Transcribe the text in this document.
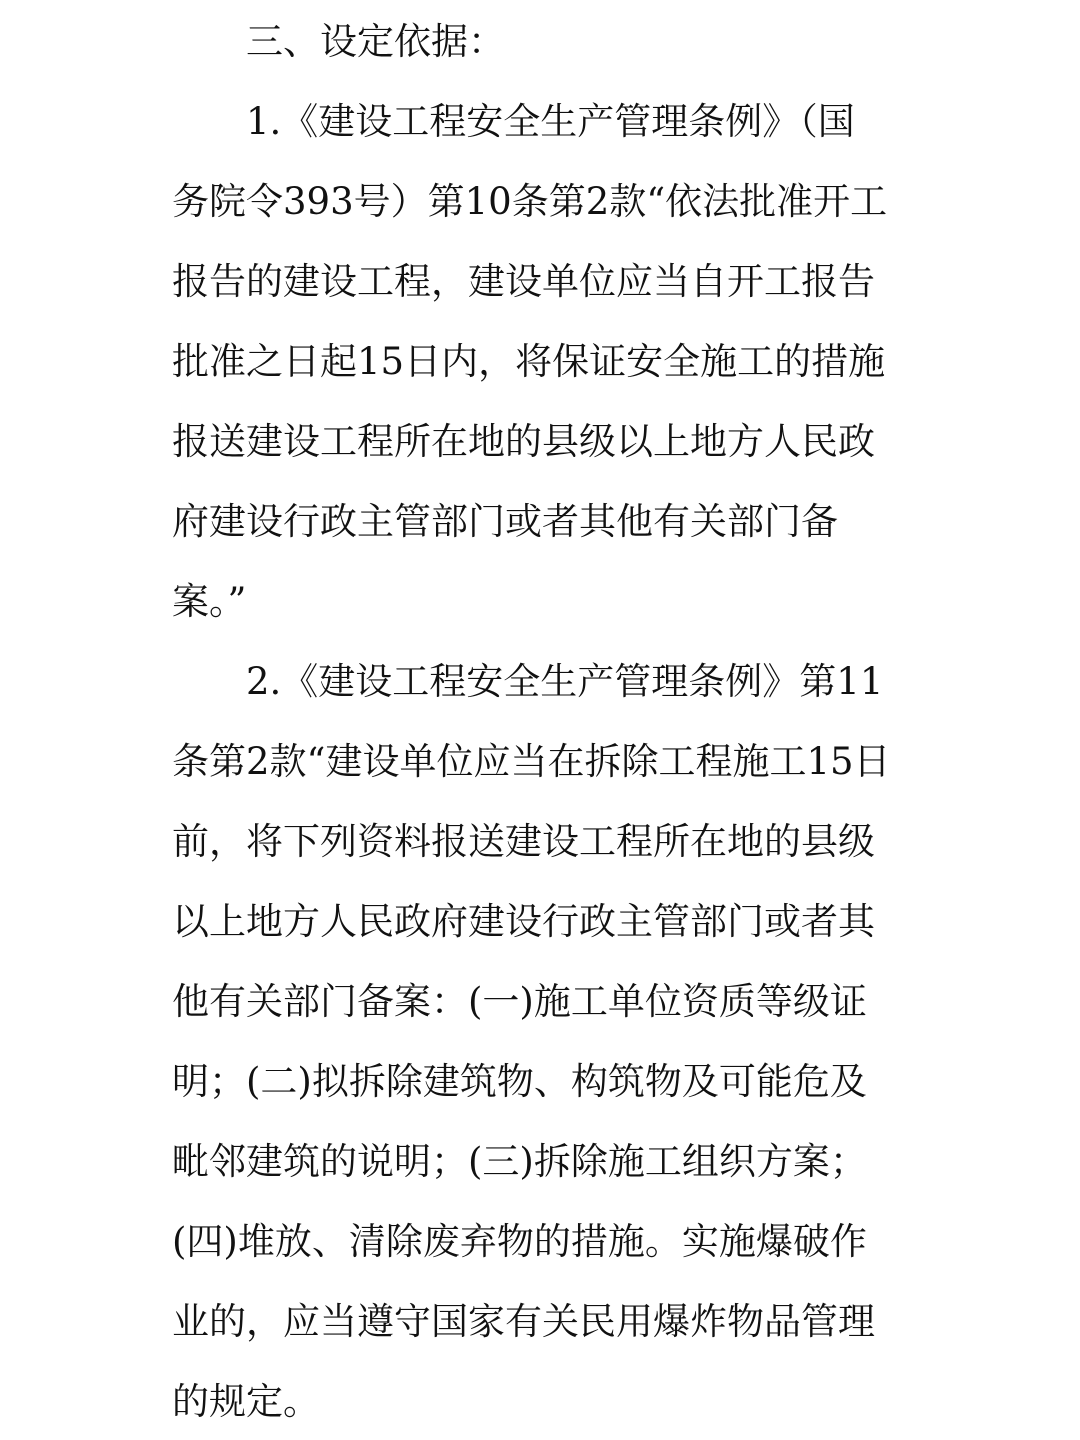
三、设定依据：
1.《建设工程安全生产管理条例》（国
务院令393号）第10条第2款“依法批准开工
报告的建设工程，建设单位应当自开工报告
批准之日起15日内，将保证安全施工的措施
报送建设工程所在地的县级以上地方人民政
府建设行政主管部门或者其他有关部门备
案。”
2.《建设工程安全生产管理条例》第11
条第2款“建设单位应当在拆除工程施工15日
前，将下列资料报送建设工程所在地的县级
以上地方人民政府建设行政主管部门或者其
他有关部门备案：(一)施工单位资质等级证
明；(二)拟拆除建筑物、构筑物及可能危及
毗邻建筑的说明；(三)拆除施工组织方案；
(四)堆放、清除废弃物的措施。实施爆破作
业的，应当遵守国家有关民用爆炸物品管理
的规定。
